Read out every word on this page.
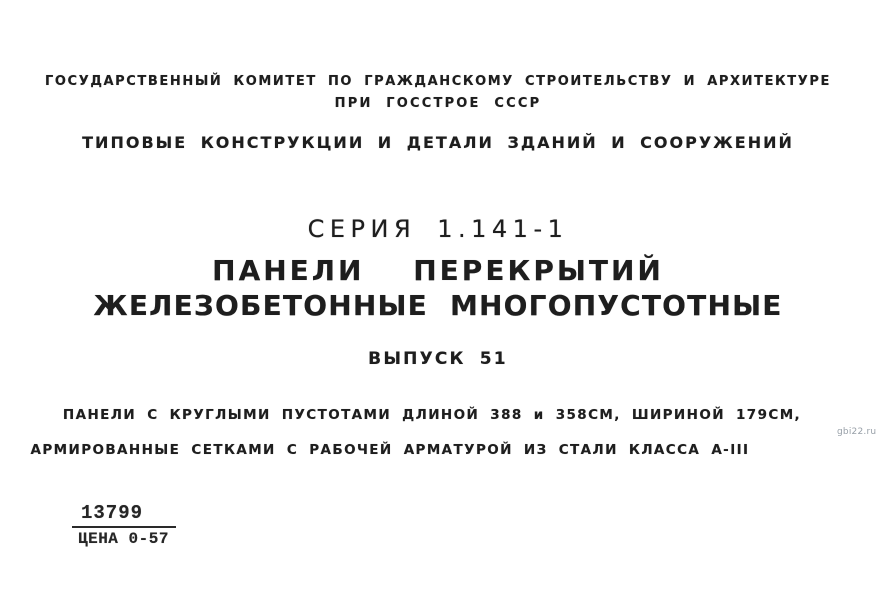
ГОСУДАРСТВЕННЫЙ КОМИТЕТ ПО ГРАЖДАНСКОМУ СТРОИТЕЛЬСТВУ И АРХИТЕКТУРЕ
ПРИ ГОССТРОЕ СССР
ТИПОВЫЕ КОНСТРУКЦИИ И ДЕТАЛИ ЗДАНИЙ И СООРУЖЕНИЙ
СЕРИЯ 1.141-1
ПАНЕЛИ ПЕРЕКРЫТИЙ
ЖЕЛЕЗОБЕТОННЫЕ МНОГОПУСТОТНЫЕ
ВЫПУСК 51
ПАНЕЛИ С КРУГЛЫМИ ПУСТОТАМИ ДЛИНОЙ 388 и 358СМ, ШИРИНОЙ 179СМ,
АРМИРОВАННЫЕ СЕТКАМИ С РАБОЧЕЙ АРМАТУРОЙ ИЗ СТАЛИ КЛАССА А-III
13799
ЦЕНА 0-57
gbi22.ru
